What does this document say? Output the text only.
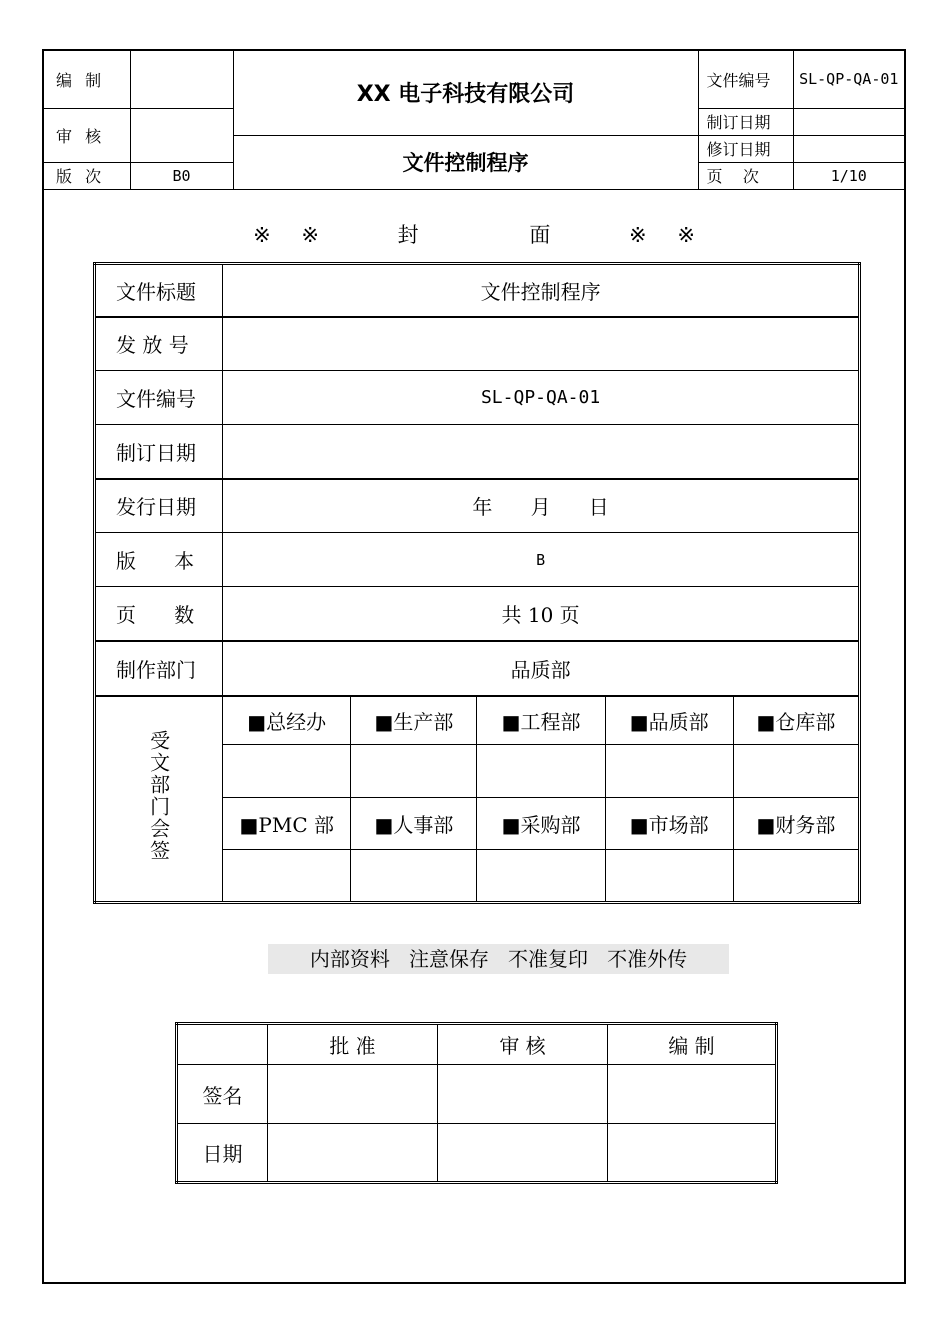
编 制		XX 电子科技有限公司	文件编号	SL-QP-QA-01
审 核			制订日期	
		文件控制程序	修订日期	
版 次	B0		页    次	1/10
※ ※	封	面	※ ※
文件标题	文件控制程序				
发 放 号					
文件编号	SL-QP-QA-01				
制订日期					
发行日期	年      月      日				
版      本	B				
页      数	共 10 页				
制作部门	品质部				
受文部门会签	■总经办	■生产部	■工程部	■品质部	■仓库部

	■PMC 部	■人事部	■采购部	■市场部	■财务部

内部资料   注意保存   不准复印   不准外传
	批 准	审 核	编 制
签名			
日期			
